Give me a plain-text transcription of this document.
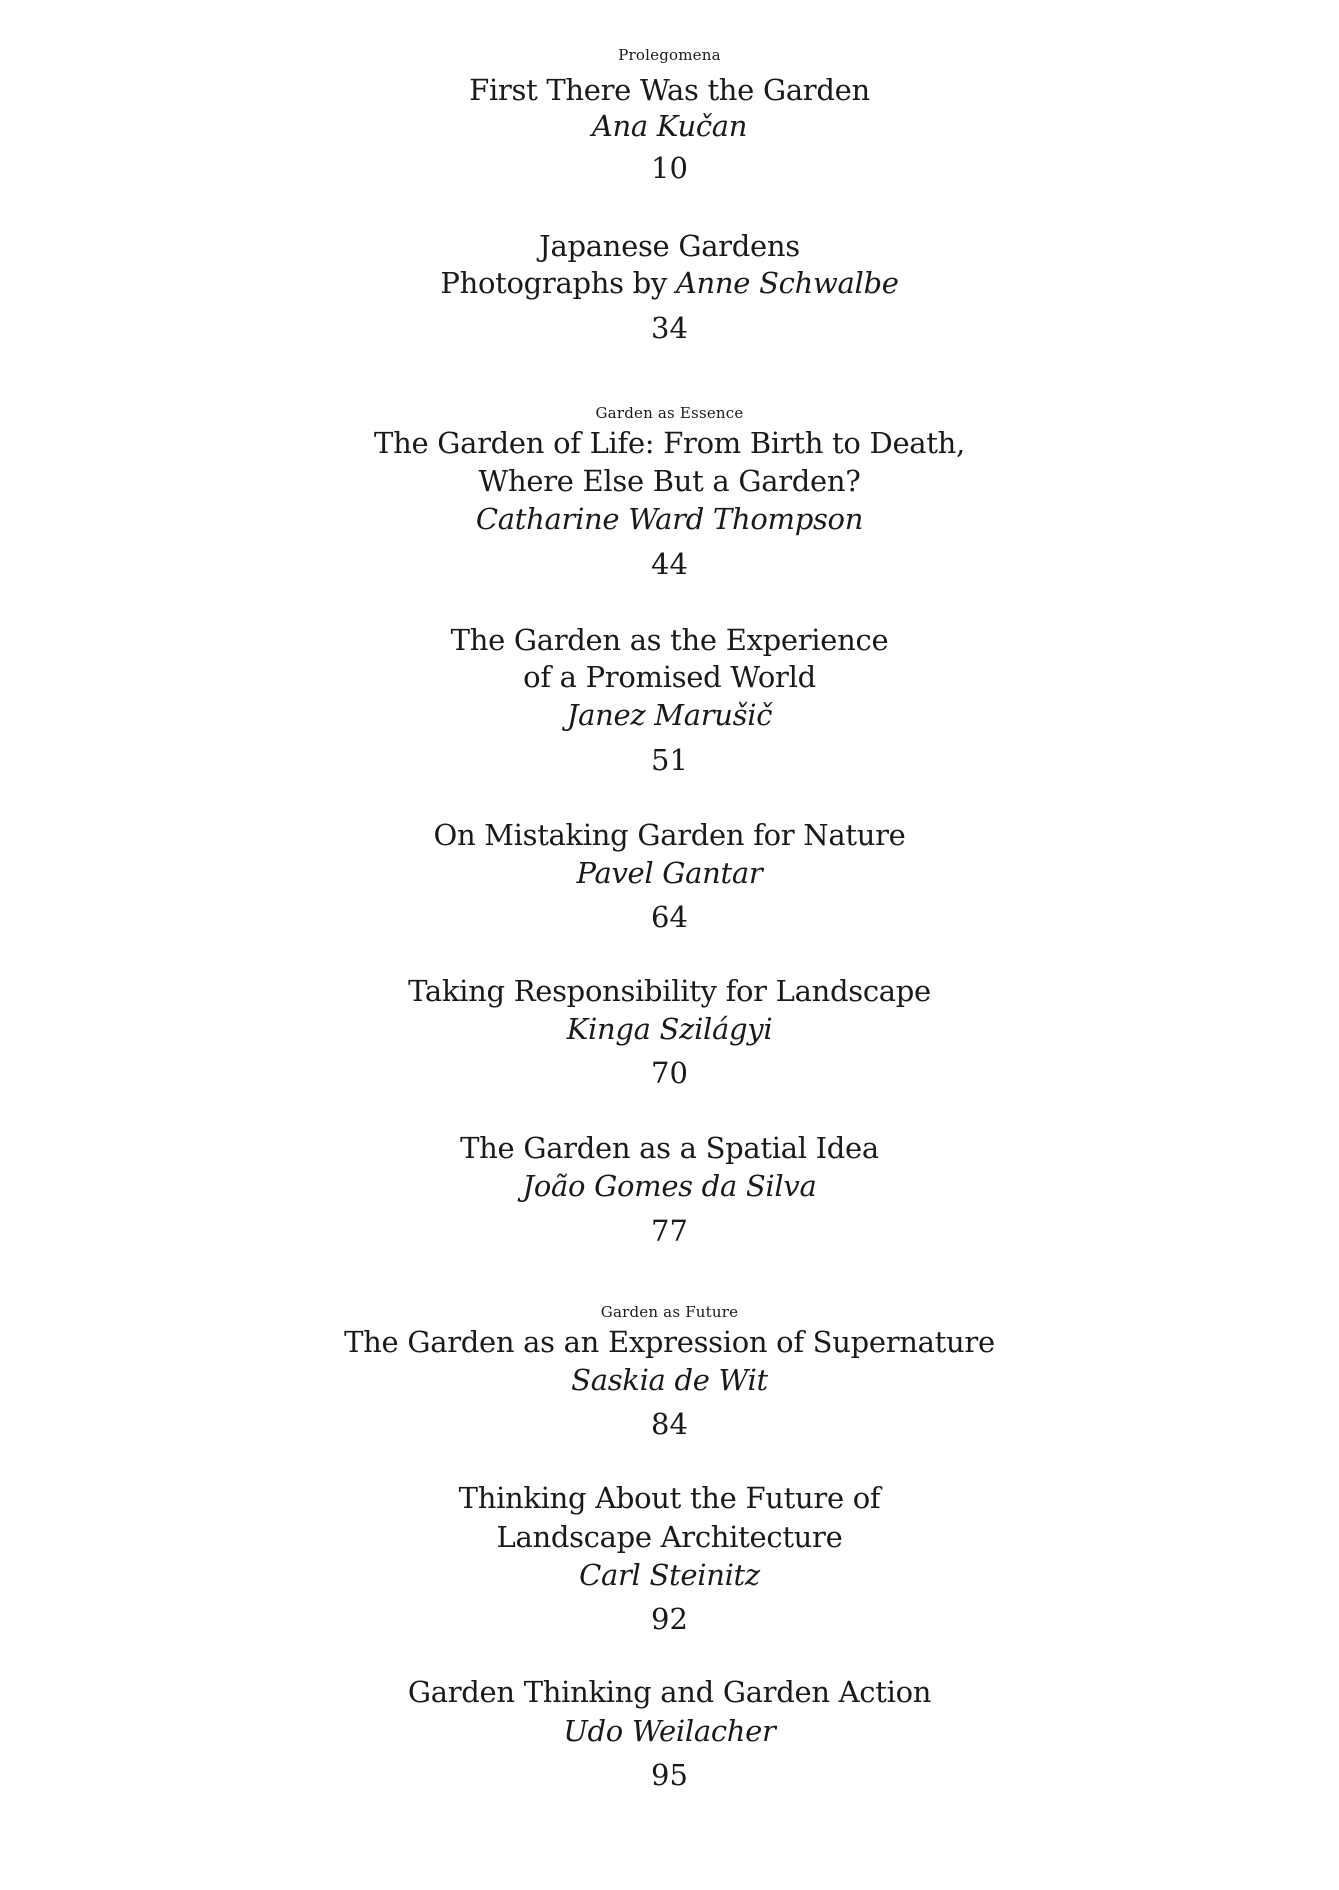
Prolegomena
First There Was the Garden
Ana Kučan
10
Japanese Gardens
Photographs by Anne Schwalbe
34
Garden as Essence
The Garden of Life: From Birth to Death,
Where Else But a Garden?
Catharine Ward Thompson
44
The Garden as the Experience
of a Promised World
Janez Marušič
51
On Mistaking Garden for Nature
Pavel Gantar
64
Taking Responsibility for Landscape
Kinga Szilágyi
70
The Garden as a Spatial Idea
João Gomes da Silva
77
Garden as Future
The Garden as an Expression of Supernature
Saskia de Wit
84
Thinking About the Future of
Landscape Architecture
Carl Steinitz
92
Garden Thinking and Garden Action
Udo Weilacher
95
